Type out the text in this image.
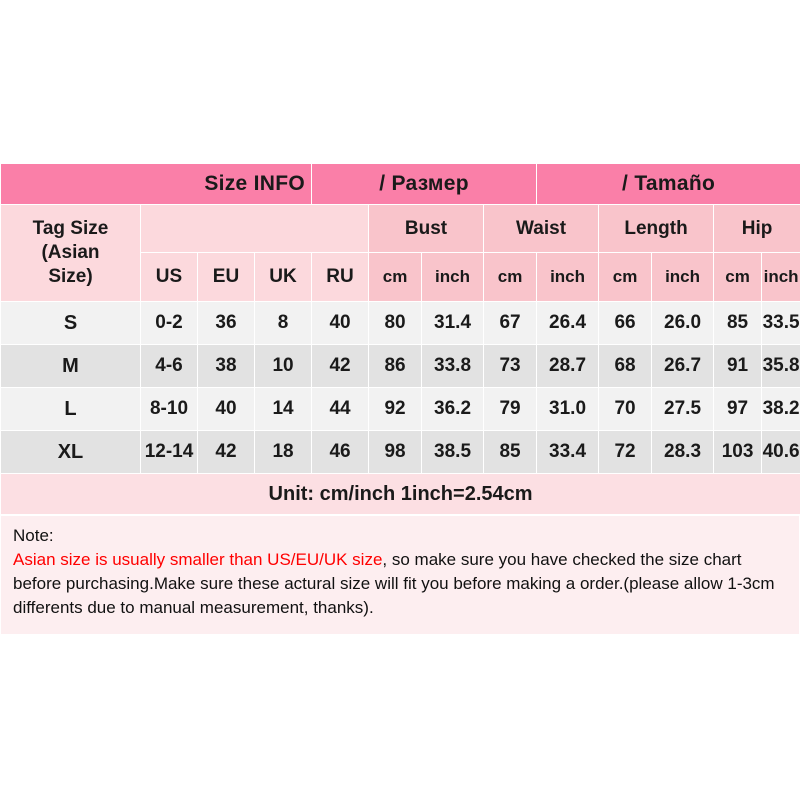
Size INFO				/ Размер				/ Tamaño				

Tag Size
(Asian
Size)					Bust		Waist		Length		Hip	
	US	EU	UK	RU	cm	inch	cm	inch	cm	inch	cm	inch
S	0-2	36	8	40	80	31.4	67	26.4	66	26.0	85	33.5
M	4-6	38	10	42	86	33.8	73	28.7	68	26.7	91	35.8
L	8-10	40	14	44	92	36.2	79	31.0	70	27.5	97	38.2
XL	12-14	42	18	46	98	38.5	85	33.4	72	28.3	103	40.6
Unit: cm/inch 1inch=2.54cm												
Note:
Asian size is usually smaller than US/EU/UK size, so make sure you have checked the size chart before purchasing.Make sure these actural size will fit you before making a order.(please allow 1-3cm differents due to manual measurement, thanks).
